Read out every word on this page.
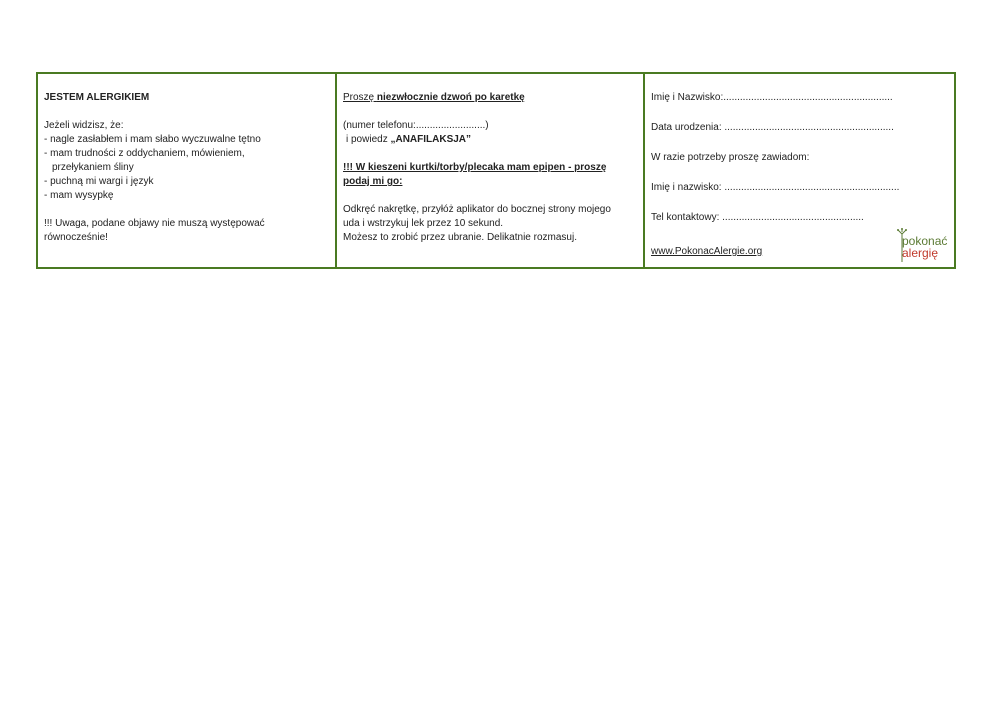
JESTEM ALERGIKIEM
Jeżeli widzisz, że:
- nagle zasłabłem i mam słabo wyczuwalne tętno
- mam trudności z oddychaniem, mówieniem,
przełykaniem śliny
- puchną mi wargi i język
- mam wysypkę
!!! Uwaga, podane objawy nie muszą występować
równocześnie!
Proszę niezwłocznie dzwoń po karetkę
(numer telefonu:.........................)
i powiedz „ANAFILAKSJA”
!!! W kieszeni kurtki/torby/plecaka mam epipen - proszę
podaj mi go:
Odkręć nakrętkę, przyłóż aplikator do bocznej strony mojego
uda i wstrzykuj lek przez 10 sekund.
Możesz to zrobić przez ubranie. Delikatnie rozmasuj.
Imię i Nazwisko:.............................................................
Data urodzenia: .............................................................
W razie potrzeby proszę zawiadom:
Imię i nazwisko: ...............................................................
Tel kontaktowy: ...................................................
www.PokonacAlergie.org
pokonać
alergię
